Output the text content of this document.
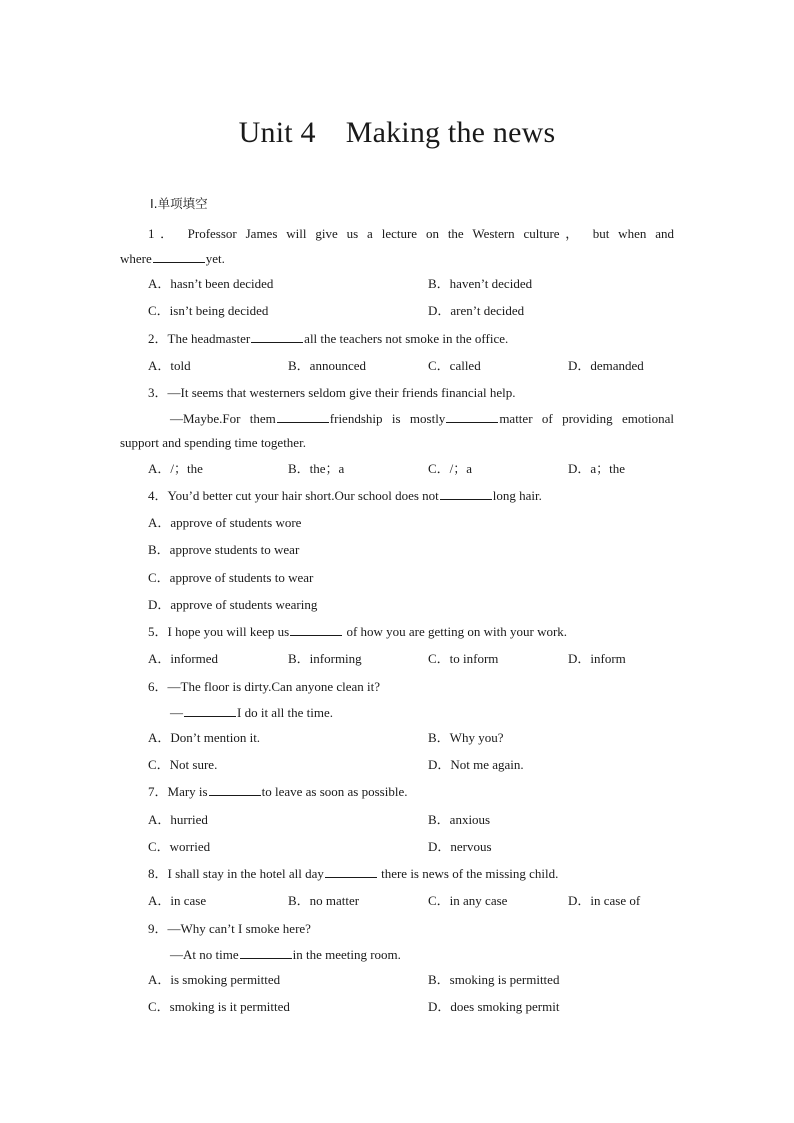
Unit 4 Making the news
Ⅰ.单项填空
1． Professor James will give us a lecture on the Western culture， but when and
where	yet.
A．hasn’t been decided	B．haven’t decided
C．isn’t being decided	D．aren’t decided
2．The headmaster	all the teachers not smoke in the office.
A．told	B．announced	C．called	D．demanded
3．—It seems that westerners seldom give their friends financial help.
—Maybe.For them	friendship is mostly	matter of providing emotional
support and spending time together.
A．/；the	B．the；a	C．/；a	D．a；the
4．You’d better cut your hair short.Our school does not	long hair.
A．approve of students wore
B．approve students to wear
C．approve of students to wear
D．approve of students wearing
5．I hope you will keep us	of how you are getting on with your work.
A．informed	B．informing	C．to inform	D．inform
6．—The floor is dirty.Can anyone clean it?
—	I do it all the time.
A．Don’t mention it.	B．Why you?
C．Not sure.	D．Not me again.
7．Mary is	to leave as soon as possible.
A．hurried	B．anxious
C．worried	D．nervous
8．I shall stay in the hotel all day	there is news of the missing child.
A．in case	B．no matter	C．in any case	D．in case of
9．—Why can’t I smoke here?
—At no time	in the meeting room.
A．is smoking permitted	B．smoking is permitted
C．smoking is it permitted	D．does smoking permit
